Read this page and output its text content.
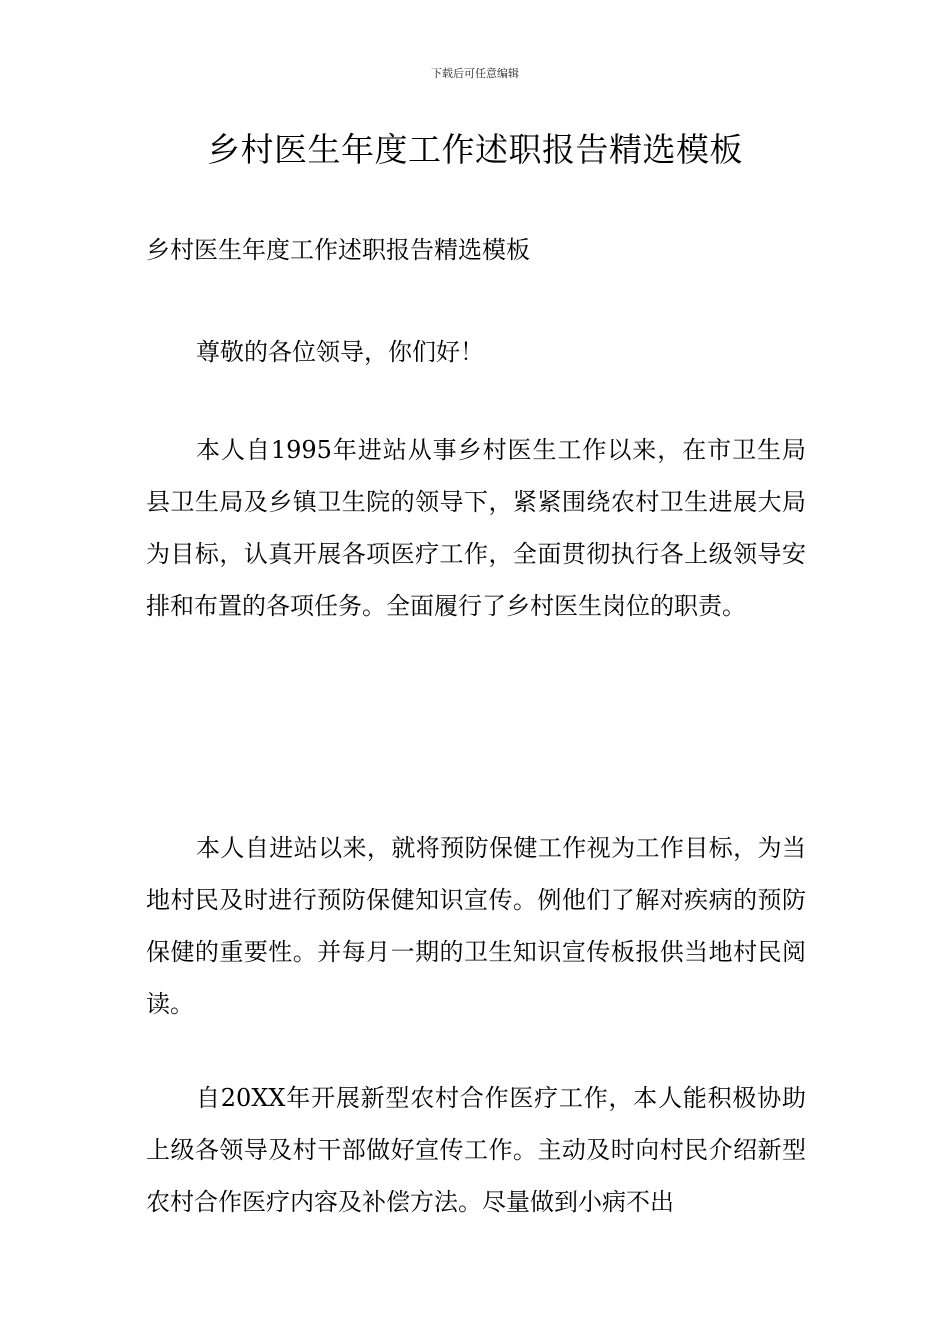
下载后可任意编辑
乡村医生年度工作述职报告精选模板

乡村医生年度工作述职报告精选模板

尊敬的各位领导，你们好！

本人自1995年进站从事乡村医生工作以来，在市卫生局县卫生局及乡镇卫生院的领导下，紧紧围绕农村卫生进展大局为目标，认真开展各项医疗工作，全面贯彻执行各上级领导安排和布置的各项任务。全面履行了乡村医生岗位的职责。

本人自进站以来，就将预防保健工作视为工作目标，为当地村民及时进行预防保健知识宣传。例他们了解对疾病的预防保健的重要性。并每月一期的卫生知识宣传板报供当地村民阅读。

自20XX年开展新型农村合作医疗工作，本人能积极协助上级各领导及村干部做好宣传工作。主动及时向村民介绍新型农村合作医疗内容及补偿方法。尽量做到小病不出
